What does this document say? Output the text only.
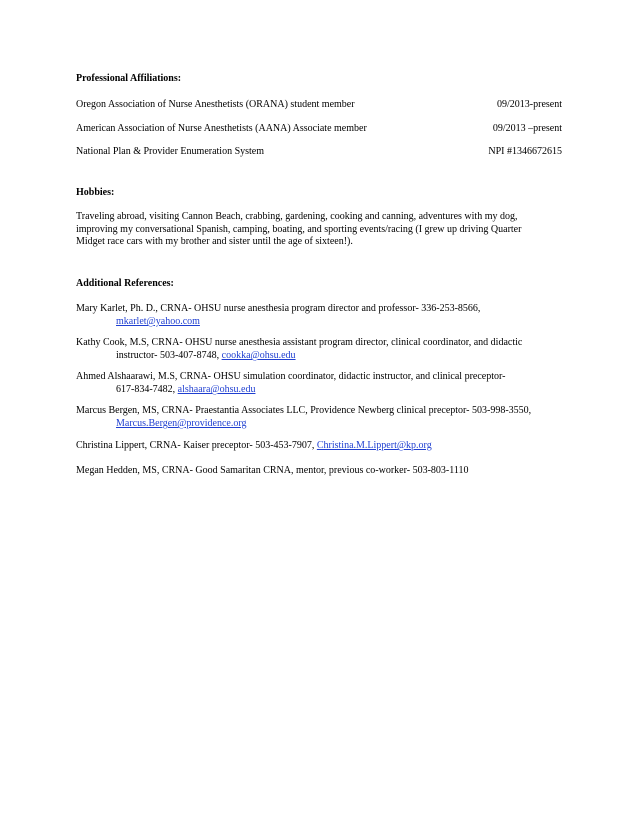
Professional Affiliations:
Oregon Association of Nurse Anesthetists (ORANA) student member	09/2013-present
American Association of Nurse Anesthetists (AANA) Associate member	09/2013 –present
National Plan & Provider Enumeration System	NPI #1346672615
Hobbies:
Traveling abroad, visiting Cannon Beach, crabbing, gardening, cooking and canning, adventures with my dog,
improving my conversational Spanish, camping, boating, and sporting events/racing (I grew up driving Quarter
Midget race cars with my brother and sister until the age of sixteen!).
Additional References:
Mary Karlet, Ph. D., CRNA- OHSU nurse anesthesia program director and professor- 336-253-8566,
mkarlet@yahoo.com
Kathy Cook, M.S, CRNA- OHSU nurse anesthesia assistant program director, clinical coordinator, and didactic
instructor- 503-407-8748, cookka@ohsu.edu
Ahmed Alshaarawi, M.S, CRNA- OHSU simulation coordinator, didactic instructor, and clinical preceptor-
617-834-7482, alshaara@ohsu.edu
Marcus Bergen, MS, CRNA- Praestantia Associates LLC, Providence Newberg clinical preceptor- 503-998-3550,
Marcus.Bergen@providence.org
Christina Lippert, CRNA- Kaiser preceptor- 503-453-7907, Christina.M.Lippert@kp.org
Megan Hedden, MS, CRNA- Good Samaritan CRNA, mentor, previous co-worker- 503-803-1110
